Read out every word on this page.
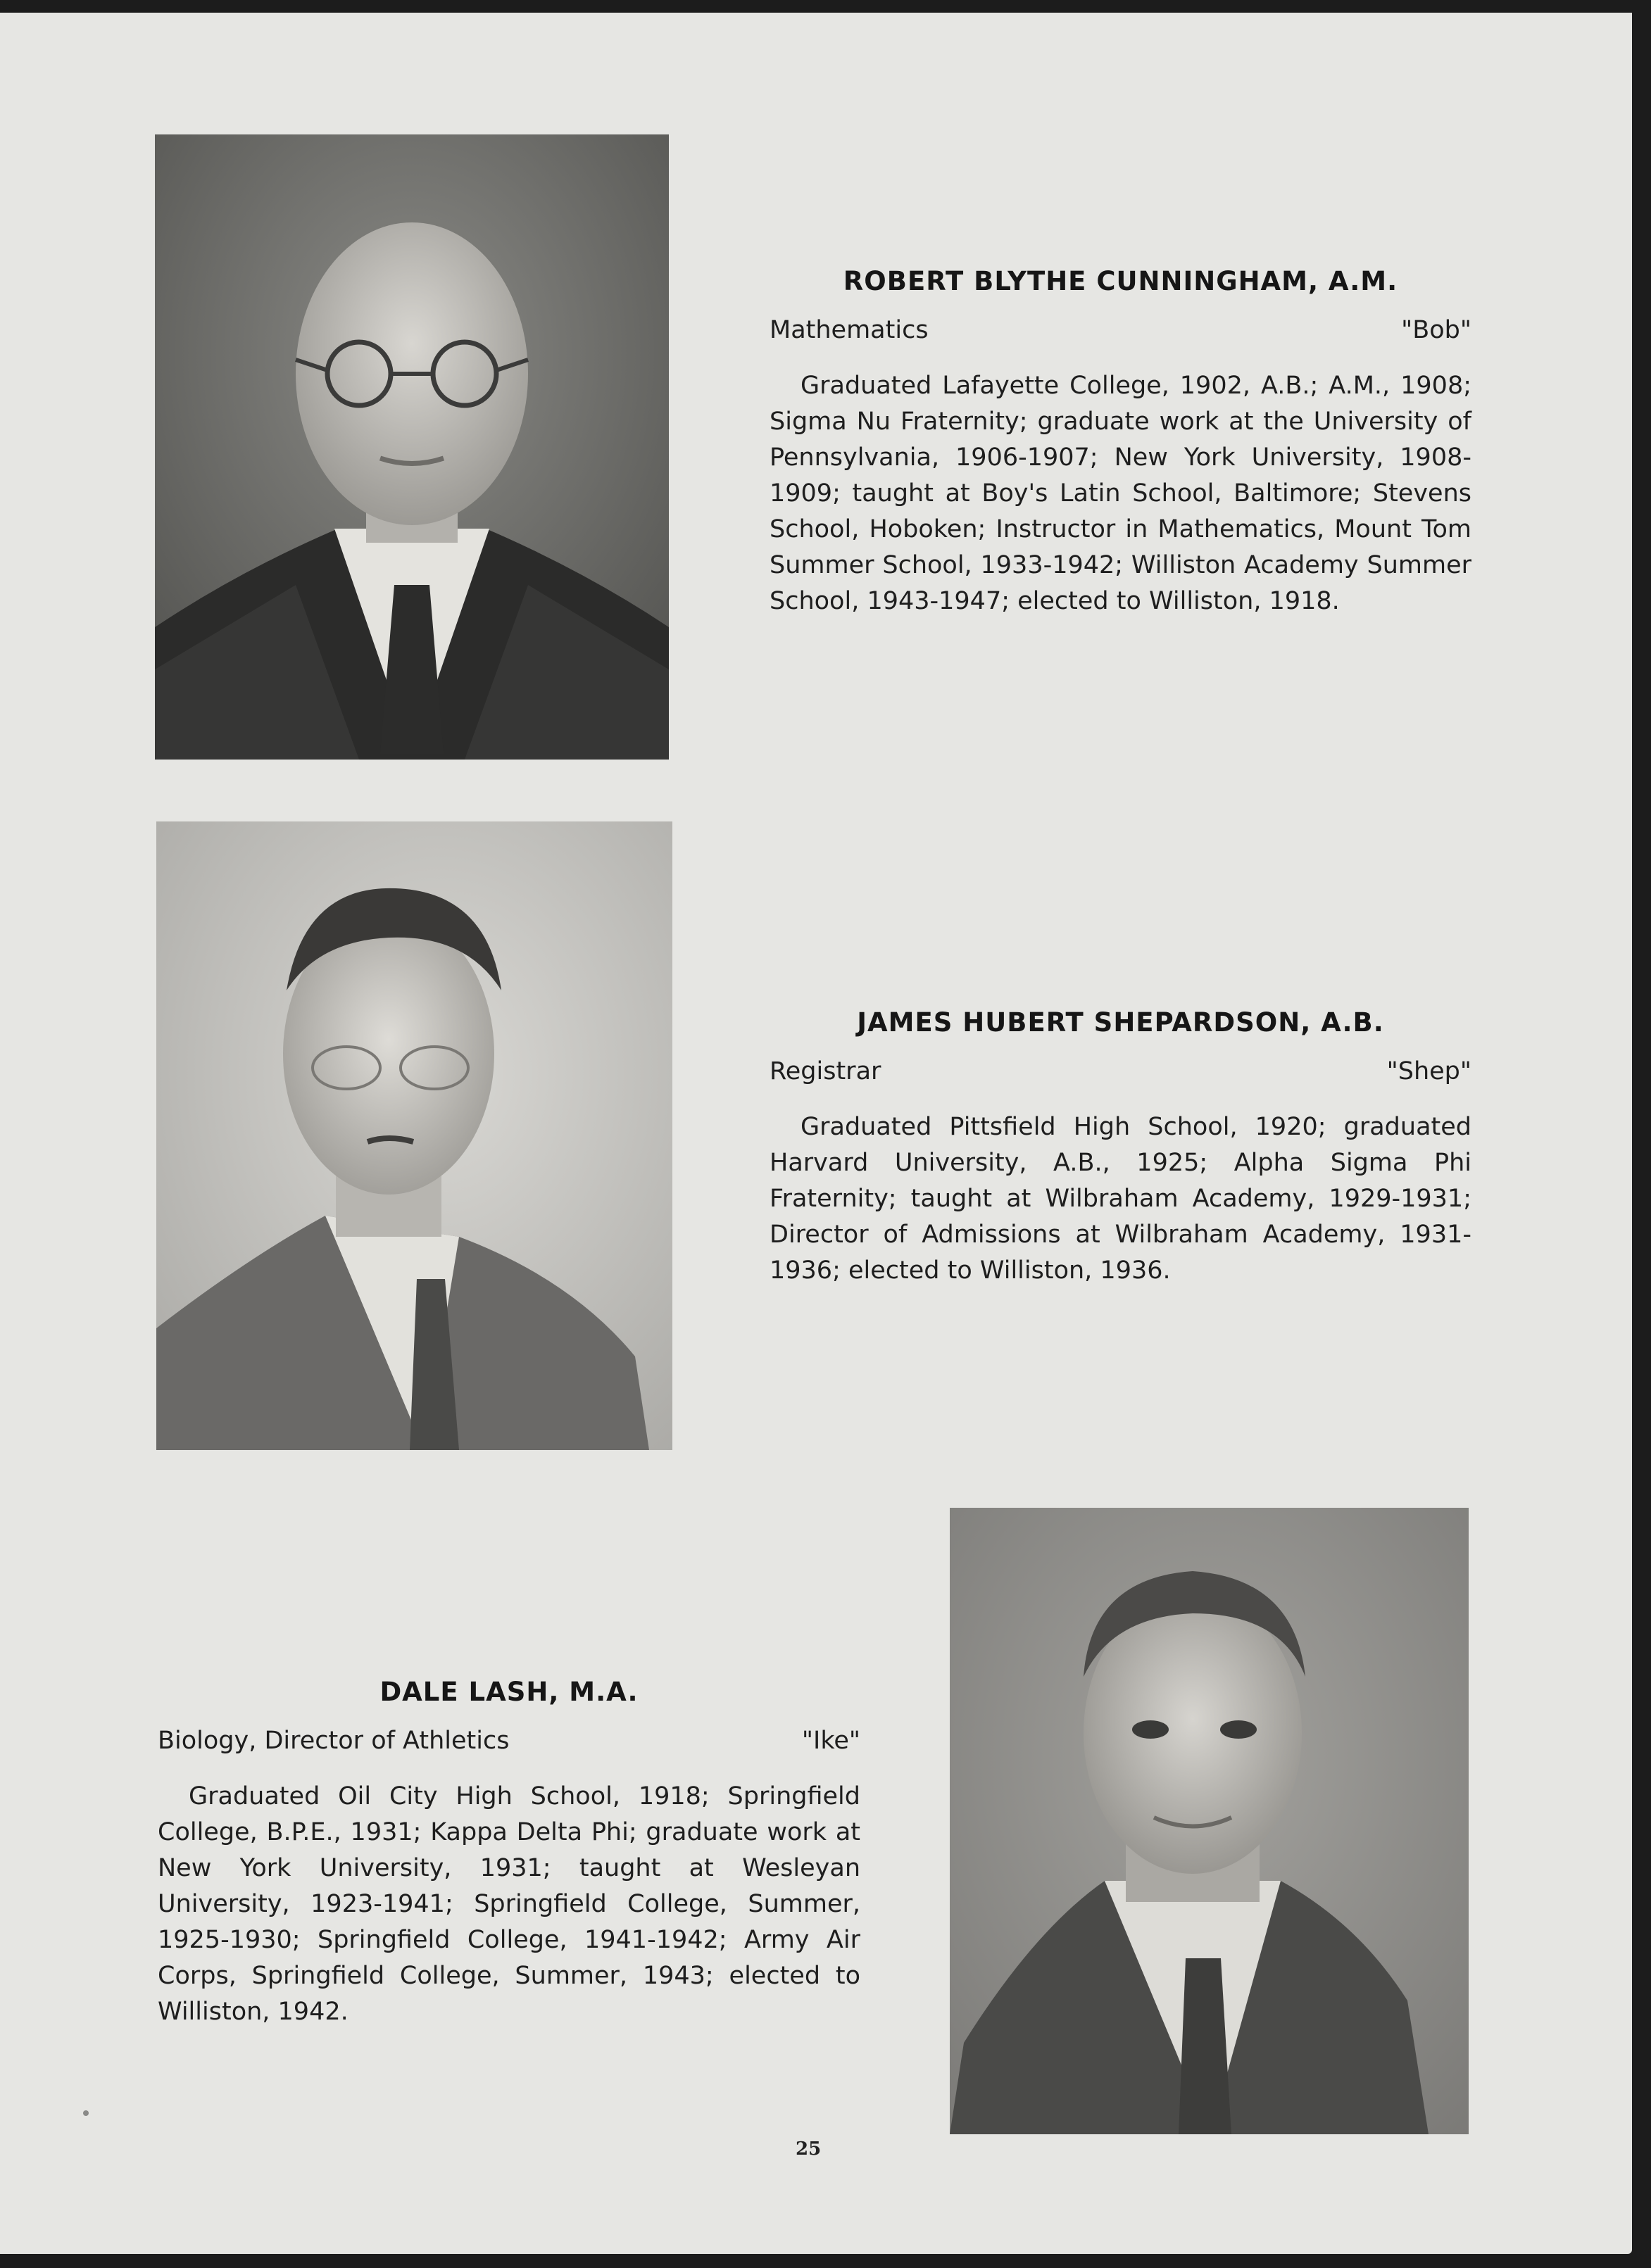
ROBERT BLYTHE CUNNINGHAM, A.M.
Mathematics	"Bob"
Graduated Lafayette College, 1902, A.B.; A.M., 1908; Sigma Nu Fraternity; graduate work at the University of Pennsylvania, 1906-1907; New York University, 1908-1909; taught at Boy's Latin School, Baltimore; Stevens School, Hoboken; Instructor in Mathematics, Mount Tom Summer School, 1933-1942; Williston Academy Summer School, 1943-1947; elected to Williston, 1918.
JAMES HUBERT SHEPARDSON, A.B.
Registrar	"Shep"
Graduated Pittsfield High School, 1920; graduated Harvard University, A.B., 1925; Alpha Sigma Phi Fraternity; taught at Wilbraham Academy, 1929-1931; Director of Admissions at Wilbraham Academy, 1931-1936; elected to Williston, 1936.
DALE LASH, M.A.
Biology, Director of Athletics	"Ike"
Graduated Oil City High School, 1918; Springfield College, B.P.E., 1931; Kappa Delta Phi; graduate work at New York University, 1931; taught at Wesleyan University, 1923-1941; Springfield College, Summer, 1925-1930; Springfield College, 1941-1942; Army Air Corps, Springfield College, Summer, 1943; elected to Williston, 1942.
25
